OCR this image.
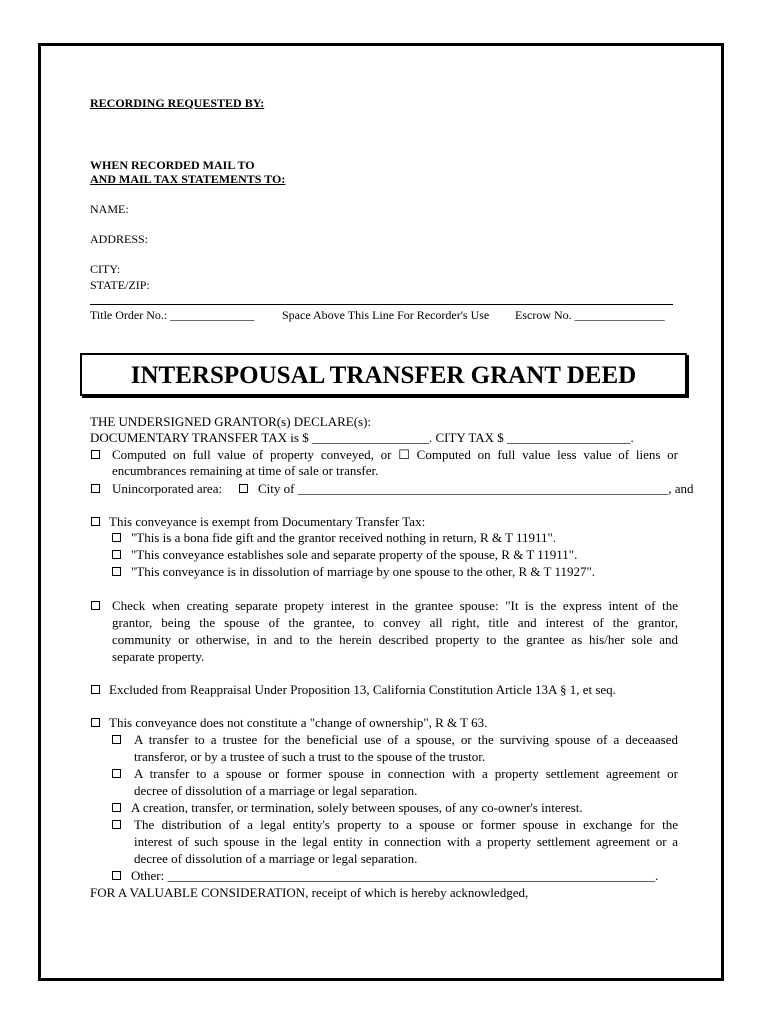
RECORDING REQUESTED BY:
WHEN RECORDED MAIL TO
AND MAIL TAX STATEMENTS TO:
NAME:
ADDRESS:
CITY:
STATE/ZIP:
Title Order No.: ______________ Space Above This Line For Recorder's Use Escrow No. _______________
INTERSPOUSAL TRANSFER GRANT DEED
THE UNDERSIGNED GRANTOR(s) DECLARE(s):
DOCUMENTARY TRANSFER TAX is $ __________________. CITY TAX $ ___________________.
Computed on full value of property conveyed, or ☐ Computed on full value less value of liens or
encumbrances remaining at time of sale or transfer.
Unincorporated area:	City of _________________________________________________________, and
This conveyance is exempt from Documentary Transfer Tax:
"This is a bona fide gift and the grantor received nothing in return, R & T 11911".
"This conveyance establishes sole and separate property of the spouse, R & T 11911".
"This conveyance is in dissolution of marriage by one spouse to the other, R & T 11927".
Check when creating separate propety interest in the grantee spouse: "It is the express intent of the
grantor, being the spouse of the grantee, to convey all right, title and interest of the grantor,
community or otherwise, in and to the herein described property to the grantee as his/her sole and
separate property.
Excluded from Reappraisal Under Proposition 13, California Constitution Article 13A § 1, et seq.
This conveyance does not constitute a "change of ownership", R & T 63.
A transfer to a trustee for the beneficial use of a spouse, or the surviving spouse of a deceaased
transferor, or by a trustee of such a trust to the spouse of the trustor.
A transfer to a spouse or former spouse in connection with a property settlement agreement or
decree of dissolution of a marriage or legal separation.
A creation, transfer, or termination, solely between spouses, of any co-owner's interest.
The distribution of a legal entity's property to a spouse or former spouse in exchange for the
interest of such spouse in the legal entity in connection with a property settlement agreement or a
decree of dissolution of a marriage or legal separation.
Other: ___________________________________________________________________________.
FOR A VALUABLE CONSIDERATION, receipt of which is hereby acknowledged,
